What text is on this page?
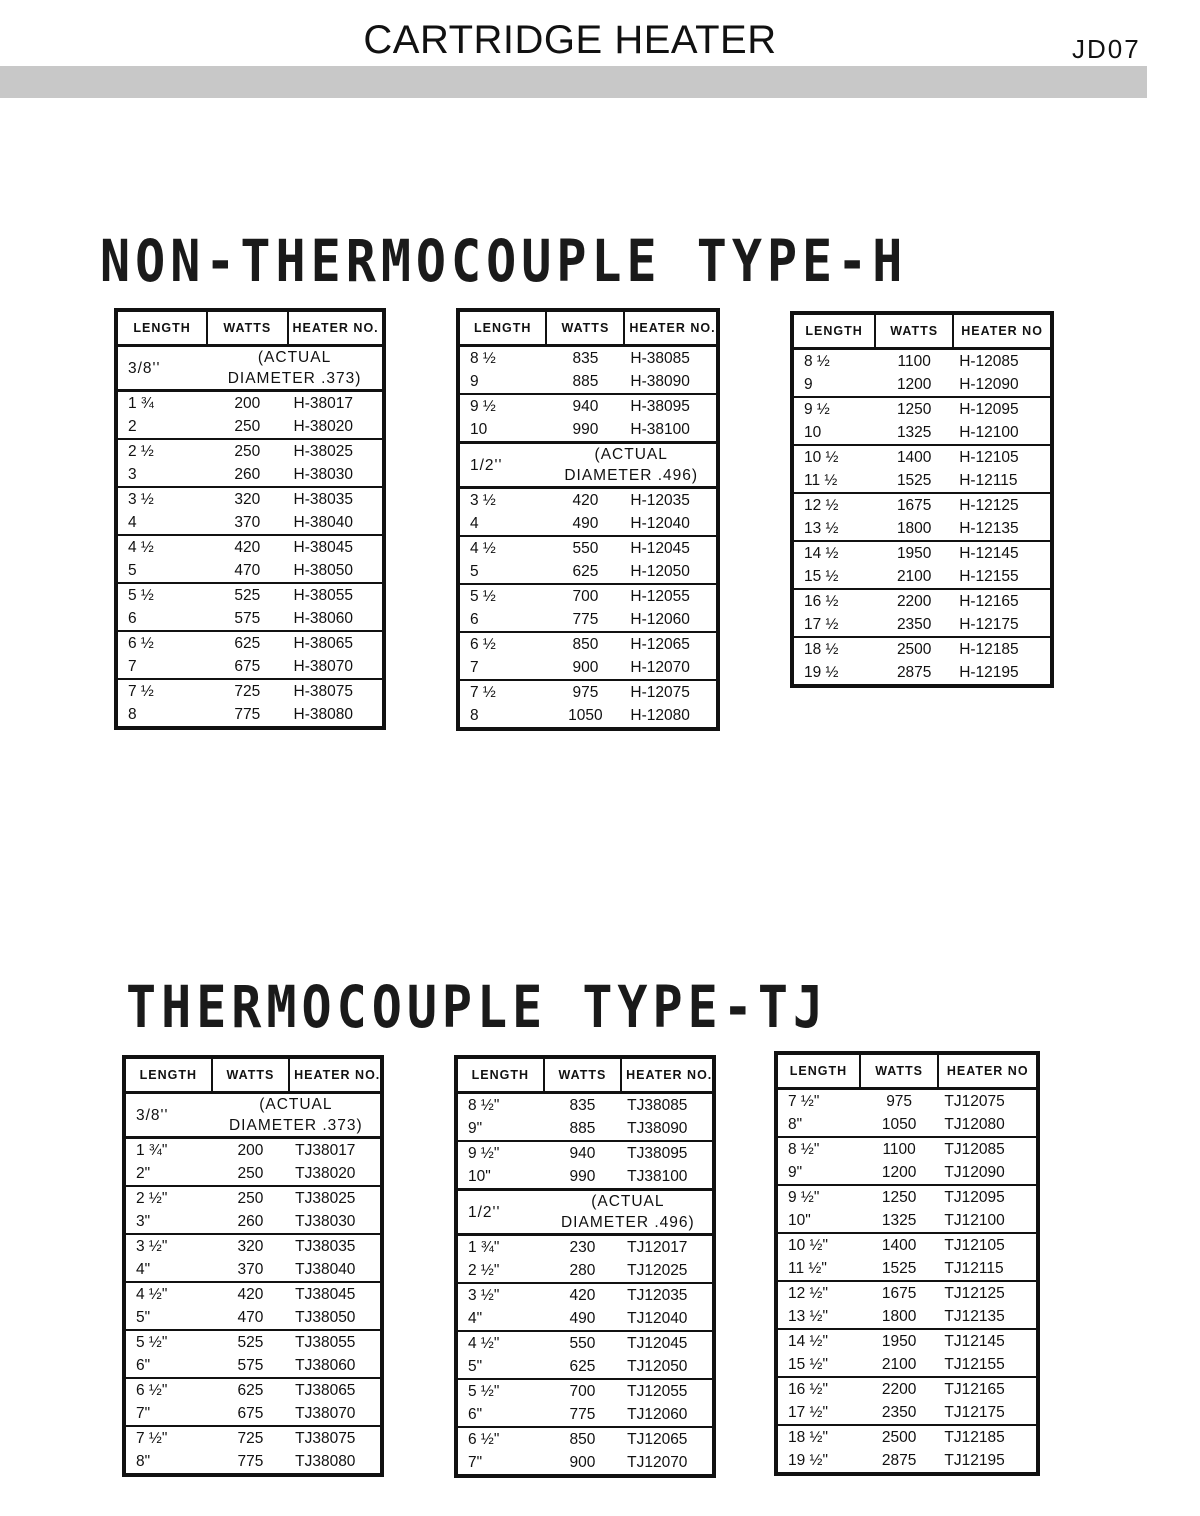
CARTRIDGE HEATER	JD07
NON-THERMOCOUPLE TYPE-H
LENGTH	WATTS	HEATER NO.
3/8''	(ACTUAL
DIAMETER .373)	

1 ¾	200	H-38017
2	250	H-38020
2 ½	250	H-38025
3	260	H-38030
3 ½	320	H-38035
4	370	H-38040
4 ½	420	H-38045
5	470	H-38050
5 ½	525	H-38055
6	575	H-38060
6 ½	625	H-38065
7	675	H-38070
7 ½	725	H-38075
8	775	H-38080
LENGTH	WATTS	HEATER NO.
8 ½	835	H-38085
9	885	H-38090
9 ½	940	H-38095
10	990	H-38100
1/2''	(ACTUAL
DIAMETER .496)	

3 ½	420	H-12035
4	490	H-12040
4 ½	550	H-12045
5	625	H-12050
5 ½	700	H-12055
6	775	H-12060
6 ½	850	H-12065
7	900	H-12070
7 ½	975	H-12075
8	1050	H-12080
LENGTH	WATTS	HEATER NO
8 ½	1100	H-12085
9	1200	H-12090
9 ½	1250	H-12095
10	1325	H-12100
10 ½	1400	H-12105
11 ½	1525	H-12115
12 ½	1675	H-12125
13 ½	1800	H-12135
14 ½	1950	H-12145
15 ½	2100	H-12155
16 ½	2200	H-12165
17 ½	2350	H-12175
18 ½	2500	H-12185
19 ½	2875	H-12195
THERMOCOUPLE TYPE-TJ
LENGTH	WATTS	HEATER NO.
3/8''	(ACTUAL
DIAMETER .373)	

1 ¾"	200	TJ38017
2"	250	TJ38020
2 ½"	250	TJ38025
3"	260	TJ38030
3 ½"	320	TJ38035
4"	370	TJ38040
4 ½"	420	TJ38045
5"	470	TJ38050
5 ½"	525	TJ38055
6"	575	TJ38060
6 ½"	625	TJ38065
7"	675	TJ38070
7 ½"	725	TJ38075
8"	775	TJ38080
LENGTH	WATTS	HEATER NO.
8 ½"	835	TJ38085
9"	885	TJ38090
9 ½"	940	TJ38095
10"	990	TJ38100
1/2''	(ACTUAL
DIAMETER .496)	

1 ¾"	230	TJ12017
2 ½"	280	TJ12025
3 ½"	420	TJ12035
4"	490	TJ12040
4 ½"	550	TJ12045
5"	625	TJ12050
5 ½"	700	TJ12055
6"	775	TJ12060
6 ½"	850	TJ12065
7"	900	TJ12070
LENGTH	WATTS	HEATER NO
7 ½"	975	TJ12075
8"	1050	TJ12080
8 ½"	1100	TJ12085
9"	1200	TJ12090
9 ½"	1250	TJ12095
10"	1325	TJ12100
10 ½"	1400	TJ12105
11 ½"	1525	TJ12115
12 ½"	1675	TJ12125
13 ½"	1800	TJ12135
14 ½"	1950	TJ12145
15 ½"	2100	TJ12155
16 ½"	2200	TJ12165
17 ½"	2350	TJ12175
18 ½"	2500	TJ12185
19 ½"	2875	TJ12195
